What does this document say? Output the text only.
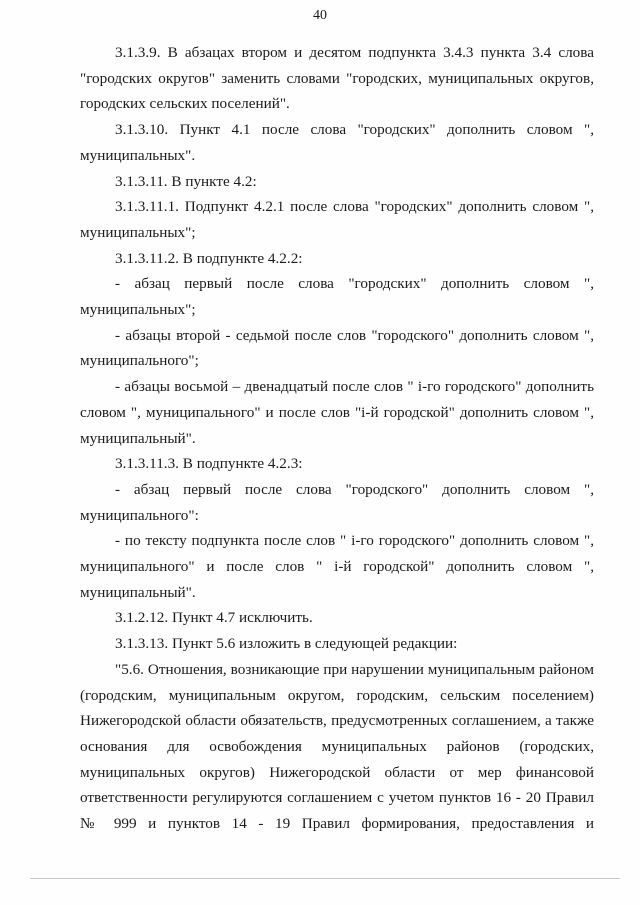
40

3.1.3.9. В абзацах втором и десятом подпункта 3.4.3 пункта 3.4 слова "городских округов" заменить словами "городских, муниципальных округов, городских сельских поселений".

3.1.3.10. Пункт 4.1 после слова "городских" дополнить словом ", муниципальных".

3.1.3.11. В пункте 4.2:

3.1.3.11.1. Подпункт 4.2.1 после слова "городских" дополнить словом ", муниципальных";

3.1.3.11.2. В подпункте 4.2.2:

- абзац первый после слова "городских" дополнить словом ", муниципальных";

- абзацы второй - седьмой после слов "городского" дополнить словом ", муниципального";

- абзацы восьмой – двенадцатый после слов " i-го городского" дополнить словом ", муниципального" и после слов "i-й городской" дополнить словом ", муниципальный".

3.1.3.11.3. В подпункте 4.2.3:

- абзац первый после слова "городского" дополнить словом ", муниципального":

- по тексту подпункта после слов " i-го городского" дополнить словом ", муниципального" и после слов " i-й городской" дополнить словом ", муниципальный".

3.1.2.12. Пункт 4.7 исключить.

3.1.3.13. Пункт 5.6 изложить в следующей редакции:

"5.6. Отношения, возникающие при нарушении муниципальным районом (городским, муниципальным округом, городским, сельским поселением) Нижегородской области обязательств, предусмотренных соглашением, а также основания для освобождения муниципальных районов (городских, муниципальных округов) Нижегородской области от мер финансовой ответственности регулируются соглашением с учетом пунктов 16 - 20 Правил № 999 и пунктов 14 - 19 Правил формирования, предоставления и
